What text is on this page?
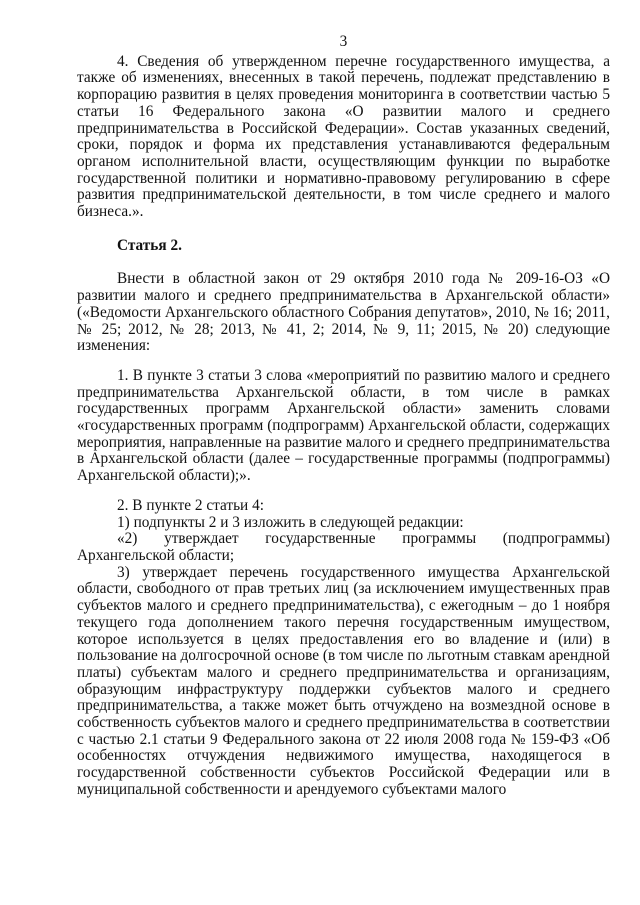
3

4. Сведения об утвержденном перечне государственного имущества, а также об изменениях, внесенных в такой перечень, подлежат представлению в корпорацию развития в целях проведения мониторинга в соответствии частью 5 статьи 16 Федерального закона «О развитии малого и среднего предпринимательства в Российской Федерации». Состав указанных сведений, сроки, порядок и форма их представления устанавливаются федеральным органом исполнительной власти, осуществляющим функции по выработке государственной политики и нормативно-правовому регулированию в сфере развития предпринимательской деятельности, в том числе среднего и малого бизнеса.».

Статья 2.

Внести в областной закон от 29 октября 2010 года № 209-16-ОЗ «О развитии малого и среднего предпринимательства в Архангельской области» («Ведомости Архангельского областного Собрания депутатов», 2010, № 16; 2011, № 25; 2012, № 28; 2013, № 41, 2; 2014, № 9, 11; 2015, № 20) следующие изменения:

1. В пункте 3 статьи 3 слова «мероприятий по развитию малого и среднего предпринимательства Архангельской области, в том числе в рамках государственных программ Архангельской области» заменить словами «государственных программ (подпрограмм) Архангельской области, содержащих мероприятия, направленные на развитие малого и среднего предпринимательства в Архангельской области (далее – государственные программы (подпрограммы) Архангельской области);».

2. В пункте 2 статьи 4:

1) подпункты 2 и 3 изложить в следующей редакции:

«2) утверждает государственные программы (подпрограммы) Архангельской области;

3) утверждает перечень государственного имущества Архангельской области, свободного от прав третьих лиц (за исключением имущественных прав субъектов малого и среднего предпринимательства), с ежегодным – до 1 ноября текущего года дополнением такого перечня государственным имуществом, которое используется в целях предоставления его во владение и (или) в пользование на долгосрочной основе (в том числе по льготным ставкам арендной платы) субъектам малого и среднего предпринимательства и организациям, образующим инфраструктуру поддержки субъектов малого и среднего предпринимательства, а также может быть отчуждено на возмездной основе в собственность субъектов малого и среднего предпринимательства в соответствии с частью 2.1 статьи 9 Федерального закона от 22 июля 2008 года № 159-ФЗ «Об особенностях отчуждения недвижимого имущества, находящегося в государственной собственности субъектов Российской Федерации или в муниципальной собственности и арендуемого субъектами малого
